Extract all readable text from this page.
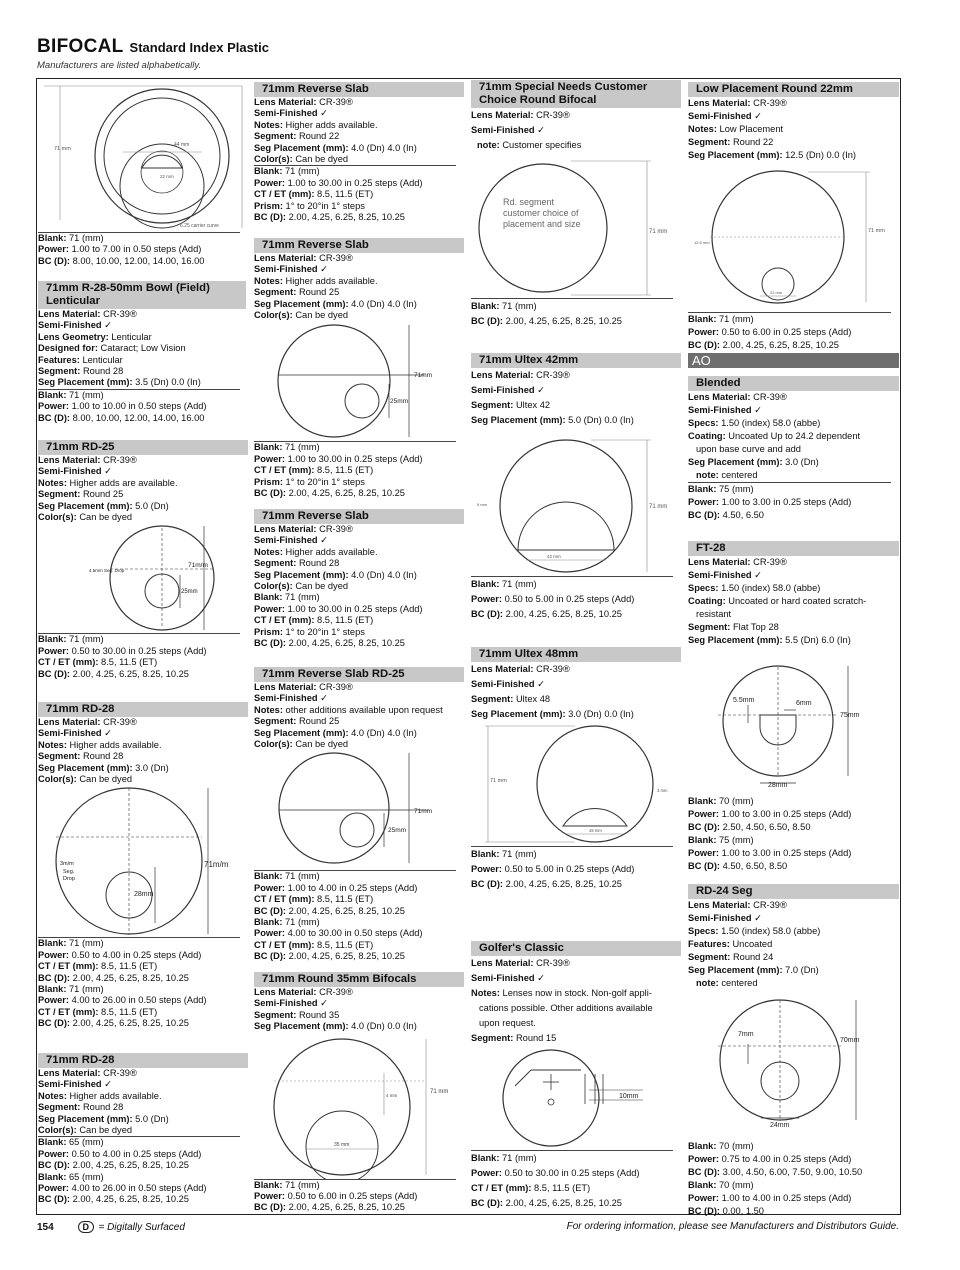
BIFOCAL Standard Index Plastic
Manufacturers are listed alphabetically.
71 mm
44 mm
22 mm
6.25 carrier curve
Blank: 71 (mm)
Power: 1.00 to 7.00 in 0.50 steps (Add)
BC (D): 8.00, 10.00, 12.00, 14.00, 16.00
71mm R-28-50mm Bowl (Field) Lenticular
Lens Material: CR-39®
Semi-Finished ✓
Lens Geometry: Lenticular
Designed for: Cataract; Low Vision
Features: Lenticular
Segment: Round 28
Seg Placement (mm): 3.5 (Dn) 0.0 (In)
Blank: 71 (mm)
Power: 1.00 to 10.00 in 0.50 steps (Add)
BC (D): 8.00, 10.00, 12.00, 14.00, 16.00
71mm RD-25
Lens Material: CR-39®
Semi-Finished ✓
Notes: Higher adds are available.
Segment: Round 25
Seg Placement (mm): 5.0 (Dn)
Color(s): Can be dyed
71m/m
4.5mm Seg. Drop
25mm
Blank: 71 (mm)
Power: 0.50 to 30.00 in 0.25 steps (Add)
CT / ET (mm): 8.5, 11.5 (ET)
BC (D): 2.00, 4.25, 6.25, 8.25, 10.25
71mm RD-28
Lens Material: CR-39®
Semi-Finished ✓
Notes: Higher adds available.
Segment: Round 28
Seg Placement (mm): 3.0 (Dn)
Color(s): Can be dyed
71m/m
3m/m
Seg.
Drop
28mm
Blank: 71 (mm)
Power: 0.50 to 4.00 in 0.25 steps (Add)
CT / ET (mm): 8.5, 11.5 (ET)
BC (D): 2.00, 4.25, 6.25, 8.25, 10.25
Blank: 71 (mm)
Power: 4.00 to 26.00 in 0.50 steps (Add)
CT / ET (mm): 8.5, 11.5 (ET)
BC (D): 2.00, 4.25, 6.25, 8.25, 10.25
71mm RD-28
Lens Material: CR-39®
Semi-Finished ✓
Notes: Higher adds available.
Segment: Round 28
Seg Placement (mm): 5.0 (Dn)
Color(s): Can be dyed
Blank: 65 (mm)
Power: 0.50 to 4.00 in 0.25 steps (Add)
BC (D): 2.00, 4.25, 6.25, 8.25, 10.25
Blank: 65 (mm)
Power: 4.00 to 26.00 in 0.50 steps (Add)
BC (D): 2.00, 4.25, 6.25, 8.25, 10.25
71mm Reverse Slab
Lens Material: CR-39®
Semi-Finished ✓
Notes: Higher adds available.
Segment: Round 22
Seg Placement (mm): 4.0 (Dn) 4.0 (In)
Color(s): Can be dyed
Blank: 71 (mm)
Power: 1.00 to 30.00 in 0.25 steps (Add)
CT / ET (mm): 8.5, 11.5 (ET)
Prism: 1° to 20°in 1° steps
BC (D): 2.00, 4.25, 6.25, 8.25, 10.25
71mm Reverse Slab
Lens Material: CR-39®
Semi-Finished ✓
Notes: Higher adds available.
Segment: Round 25
Seg Placement (mm): 4.0 (Dn) 4.0 (In)
Color(s): Can be dyed
71mm
25mm
Blank: 71 (mm)
Power: 1.00 to 30.00 in 0.25 steps (Add)
CT / ET (mm): 8.5, 11.5 (ET)
Prism: 1° to 20°in 1° steps
BC (D): 2.00, 4.25, 6.25, 8.25, 10.25
71mm Reverse Slab
Lens Material: CR-39®
Semi-Finished ✓
Notes: Higher adds available.
Segment: Round 28
Seg Placement (mm): 4.0 (Dn) 4.0 (In)
Color(s): Can be dyed
Blank: 71 (mm)
Power: 1.00 to 30.00 in 0.25 steps (Add)
CT / ET (mm): 8.5, 11.5 (ET)
Prism: 1° to 20°in 1° steps
BC (D): 2.00, 4.25, 6.25, 8.25, 10.25
71mm Reverse Slab RD-25
Lens Material: CR-39®
Semi-Finished ✓
Notes: other additions available upon request
Segment: Round 25
Seg Placement (mm): 4.0 (Dn) 4.0 (In)
Color(s): Can be dyed
71mm
25mm
Blank: 71 (mm)
Power: 1.00 to 4.00 in 0.25 steps (Add)
CT / ET (mm): 8.5, 11.5 (ET)
BC (D): 2.00, 4.25, 6.25, 8.25, 10.25
Blank: 71 (mm)
Power: 4.00 to 30.00 in 0.50 steps (Add)
CT / ET (mm): 8.5, 11.5 (ET)
BC (D): 2.00, 4.25, 6.25, 8.25, 10.25
71mm Round 35mm Bifocals
Lens Material: CR-39®
Semi-Finished ✓
Segment: Round 35
Seg Placement (mm): 4.0 (Dn) 0.0 (In)
71 mm
4 mm
35 mm
Blank: 71 (mm)
Power: 0.50 to 6.00 in 0.25 steps (Add)
BC (D): 2.00, 4.25, 6.25, 8.25, 10.25
71mm Special Needs Customer Choice Round Bifocal
Lens Material: CR-39®
Semi-Finished ✓
note: Customer specifies
Rd. segment
customer choice of
placement and size
71 mm
Blank: 71 (mm)
BC (D): 2.00, 4.25, 6.25, 8.25, 10.25
71mm Ultex 42mm
Lens Material: CR-39®
Semi-Finished ✓
Segment: Ultex 42
Seg Placement (mm): 5.0 (Dn) 0.0 (In)
71 mm
42 mm
5 mm
Blank: 71 (mm)
Power: 0.50 to 5.00 in 0.25 steps (Add)
BC (D): 2.00, 4.25, 6.25, 8.25, 10.25
71mm Ultex 48mm
Lens Material: CR-39®
Semi-Finished ✓
Segment: Ultex 48
Seg Placement (mm): 3.0 (Dn) 0.0 (In)
71 mm
48 mm
3 mm
Blank: 71 (mm)
Power: 0.50 to 5.00 in 0.25 steps (Add)
BC (D): 2.00, 4.25, 6.25, 8.25, 10.25
Golfer's Classic
Lens Material: CR-39®
Semi-Finished ✓
Notes: Lenses now in stock. Non-golf appli-
cations possible. Other additions available
upon request.
Segment: Round 15
10mm
Blank: 71 (mm)
Power: 0.50 to 30.00 in 0.25 steps (Add)
CT / ET (mm): 8.5, 11.5 (ET)
BC (D): 2.00, 4.25, 6.25, 8.25, 10.25
Low Placement Round 22mm
Lens Material: CR-39®
Semi-Finished ✓
Notes: Low Placement
Segment: Round 22
Seg Placement (mm): 12.5 (Dn) 0.0 (In)
71 mm
12.5 mm
22 mm
Blank: 71 (mm)
Power: 0.50 to 6.00 in 0.25 steps (Add)
BC (D): 2.00, 4.25, 6.25, 8.25, 10.25
AO
Blended
Lens Material: CR-39®
Semi-Finished ✓
Specs: 1.50 (index) 58.0 (abbe)
Coating: Uncoated Up to 24.2 dependent
upon base curve and add
Seg Placement (mm): 3.0 (Dn)
note: centered
Blank: 75 (mm)
Power: 1.00 to 3.00 in 0.25 steps (Add)
BC (D): 4.50, 6.50
FT-28
Lens Material: CR-39®
Semi-Finished ✓
Specs: 1.50 (index) 58.0 (abbe)
Coating: Uncoated or hard coated scratch-
resistant
Segment: Flat Top 28
Seg Placement (mm): 5.5 (Dn) 6.0 (In)
5.5mm	6mm
75mm
28mm
Blank: 70 (mm)
Power: 1.00 to 3.00 in 0.25 steps (Add)
BC (D): 2.50, 4.50, 6.50, 8.50
Blank: 75 (mm)
Power: 1.00 to 3.00 in 0.25 steps (Add)
BC (D): 4.50, 6.50, 8.50
RD-24 Seg
Lens Material: CR-39®
Semi-Finished ✓
Specs: 1.50 (index) 58.0 (abbe)
Features: Uncoated
Segment: Round 24
Seg Placement (mm): 7.0 (Dn)
note: centered
7mm
70mm
24mm
Blank: 70 (mm)
Power: 0.75 to 4.00 in 0.25 steps (Add)
BC (D): 3.00, 4.50, 6.00, 7.50, 9.00, 10.50
Blank: 70 (mm)
Power: 1.00 to 4.00 in 0.25 steps (Add)
BC (D): 0.00, 1.50
154	D = Digitally Surfaced	For ordering information, please see Manufacturers and Distributors Guide.
